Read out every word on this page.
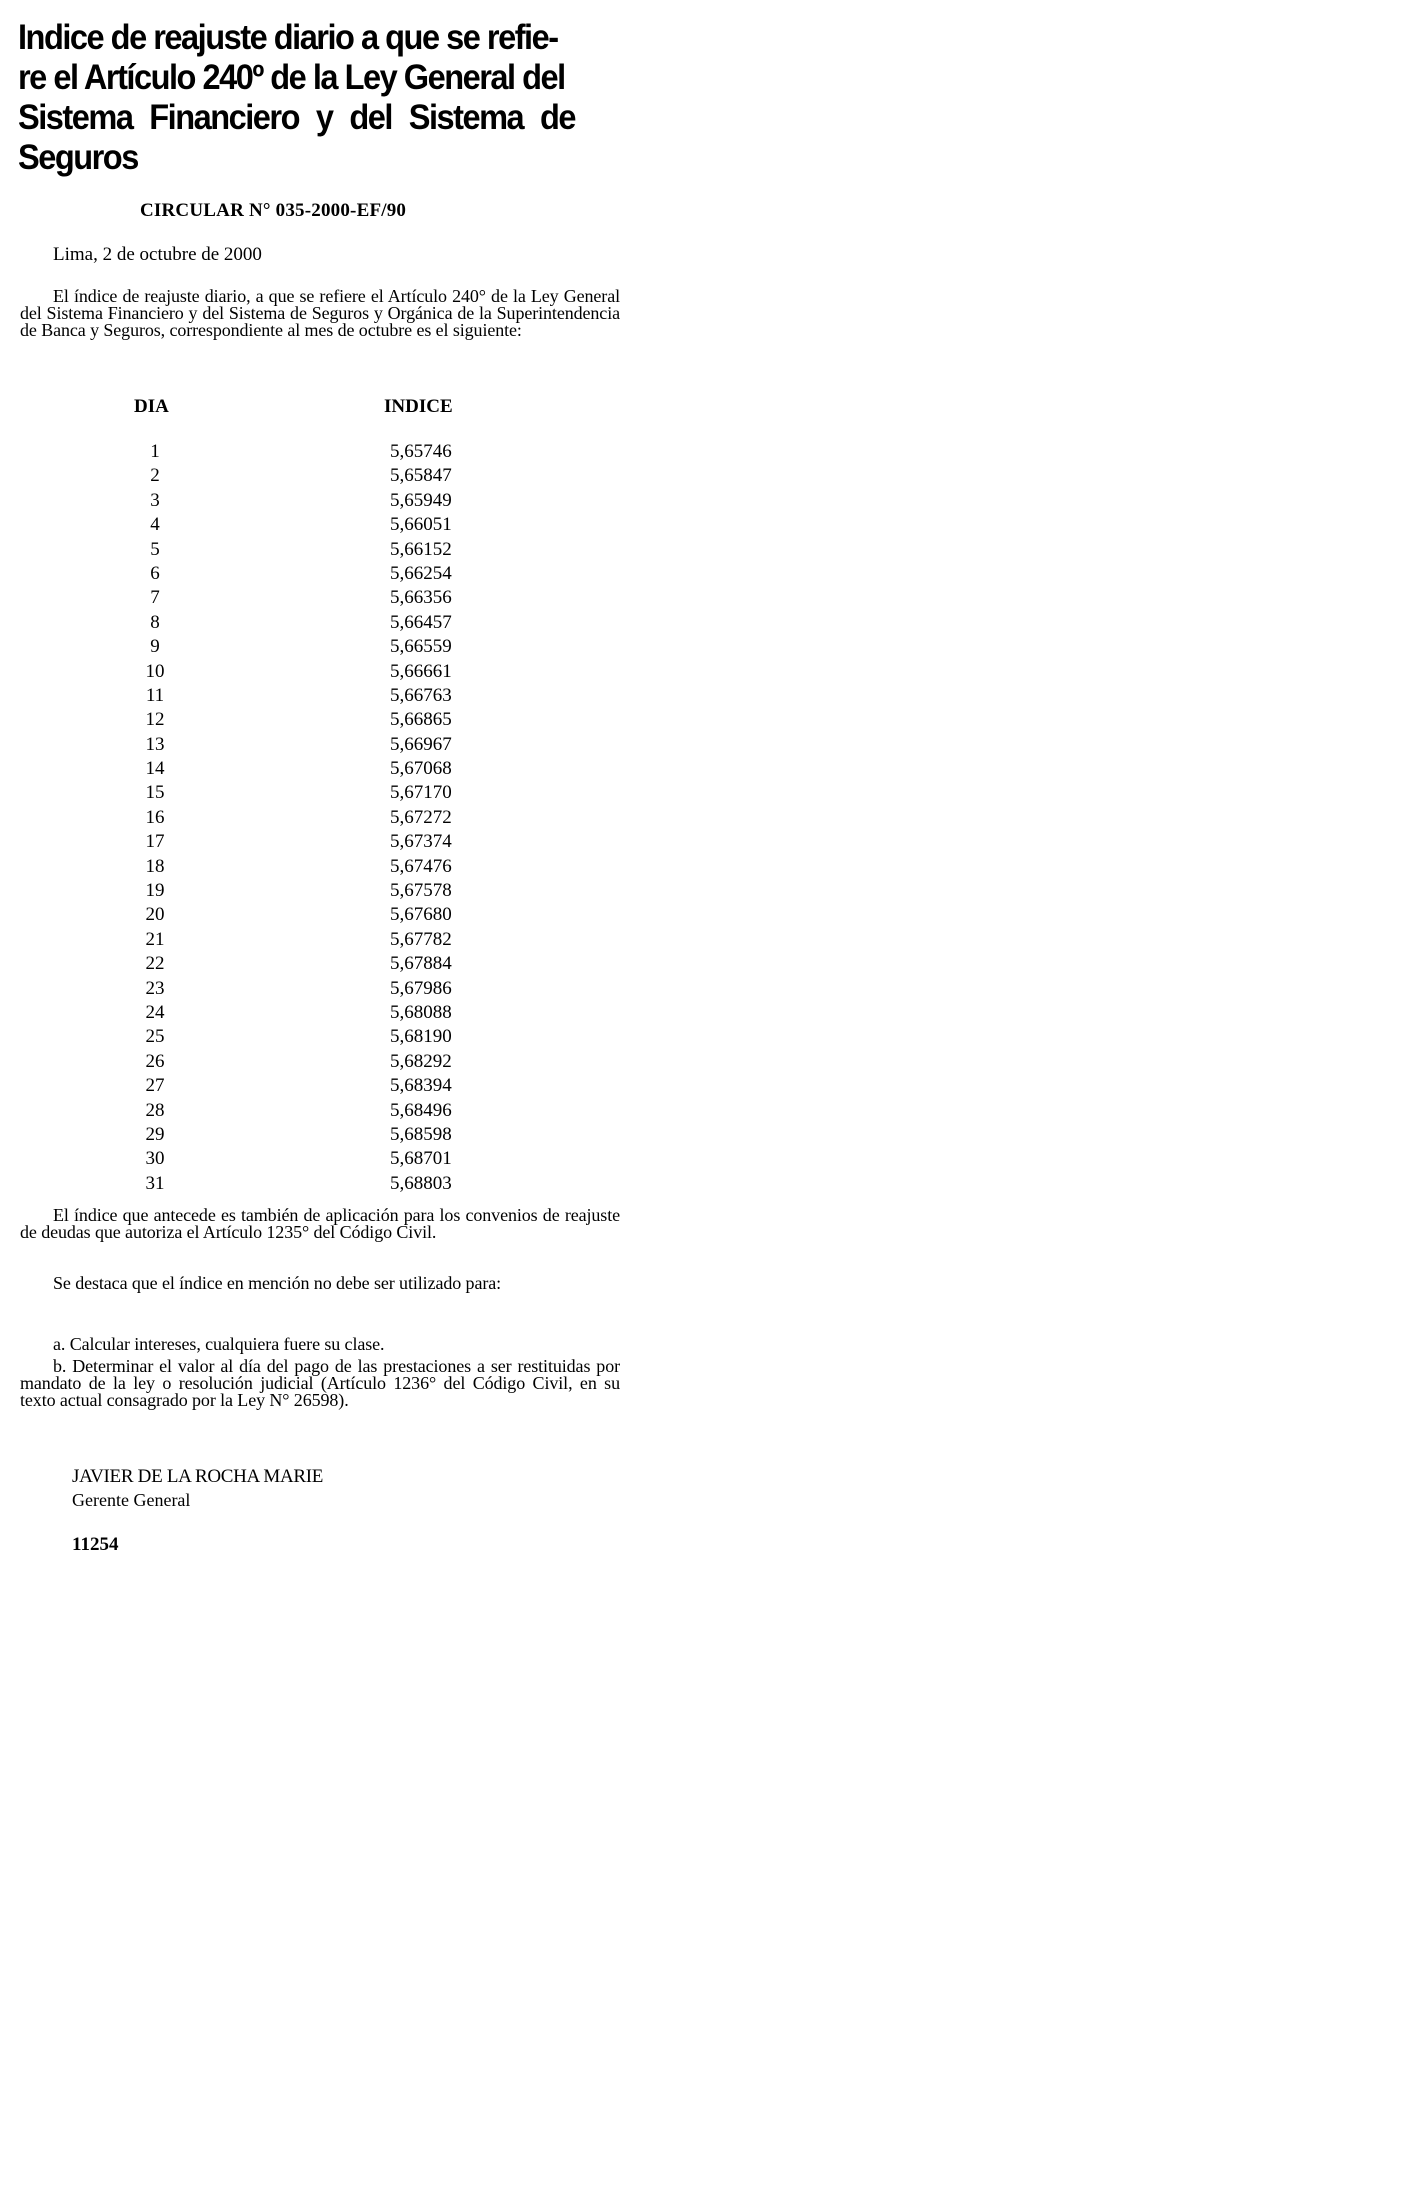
Indice de reajuste diario a que se refie-
re el Artículo 240º de la Ley General del
Sistema Financiero y del Sistema de
Seguros
CIRCULAR N° 035-2000-EF/90
Lima, 2 de octubre de 2000

El índice de reajuste diario, a que se refiere el Artículo 240° de la Ley General del Sistema Financiero y del Sistema de Seguros y Orgánica de la Superintendencia de Banca y Seguros, correspondiente al mes de octubre es el siguiente:

DIA	INDICE
1	5,65746
2	5,65847
3	5,65949
4	5,66051
5	5,66152
6	5,66254
7	5,66356
8	5,66457
9	5,66559
10	5,66661
11	5,66763
12	5,66865
13	5,66967
14	5,67068
15	5,67170
16	5,67272
17	5,67374
18	5,67476
19	5,67578
20	5,67680
21	5,67782
22	5,67884
23	5,67986
24	5,68088
25	5,68190
26	5,68292
27	5,68394
28	5,68496
29	5,68598
30	5,68701
31	5,68803

El índice que antecede es también de aplicación para los convenios de reajuste de deudas que autoriza el Artículo 1235° del Código Civil.

Se destaca que el índice en mención no debe ser utilizado para:

a. Calcular intereses, cualquiera fuere su clase.

b. Determinar el valor al día del pago de las prestaciones a ser restituidas por mandato de la ley o resolución judicial (Artículo 1236° del Código Civil, en su texto actual consagrado por la Ley N° 26598).

JAVIER DE LA ROCHA MARIE
Gerente General
11254
